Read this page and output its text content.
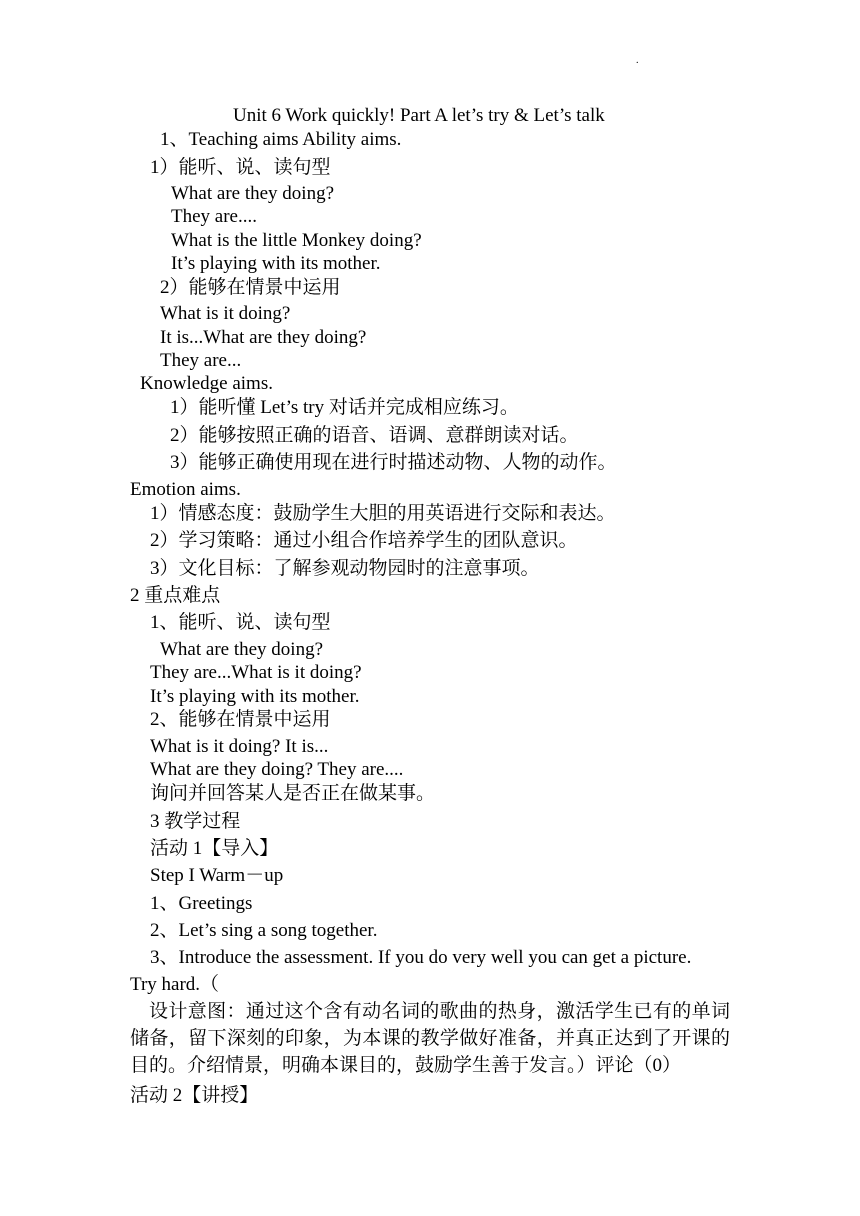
.
Unit 6 Work quickly! Part A let’s try & Let’s talk
1、Teaching aims Ability aims.
1）能听、说、读句型
What are they doing?
They are....
What is the little Monkey doing?
It’s playing with its mother.
2）能够在情景中运用
What is it doing?
It is...What are they doing?
They are...
Knowledge aims.
1）能听懂 Let’s try 对话并完成相应练习。
2）能够按照正确的语音、语调、意群朗读对话。
3）能够正确使用现在进行时描述动物、人物的动作。
Emotion aims.
1）情感态度：鼓励学生大胆的用英语进行交际和表达。
2）学习策略：通过小组合作培养学生的团队意识。
3）文化目标：了解参观动物园时的注意事项。
2 重点难点
1、能听、说、读句型
What are they doing?
They are...What is it doing?
It’s playing with its mother.
2、能够在情景中运用
What is it doing? It is...
What are they doing? They are....
询问并回答某人是否正在做某事。
3 教学过程
活动 1【导入】
Step I Warm－up
1、Greetings
2、Let’s sing a song together.
3、Introduce the assessment. If you do very well you can get a picture.
Try hard.（
设计意图：通过这个含有动名词的歌曲的热身，激活学生已有的单词储备，留下深刻的印象，为本课的教学做好准备，并真正达到了开课的目的。介绍情景，明确本课目的，鼓励学生善于发言。）评论（0）
活动 2【讲授】
